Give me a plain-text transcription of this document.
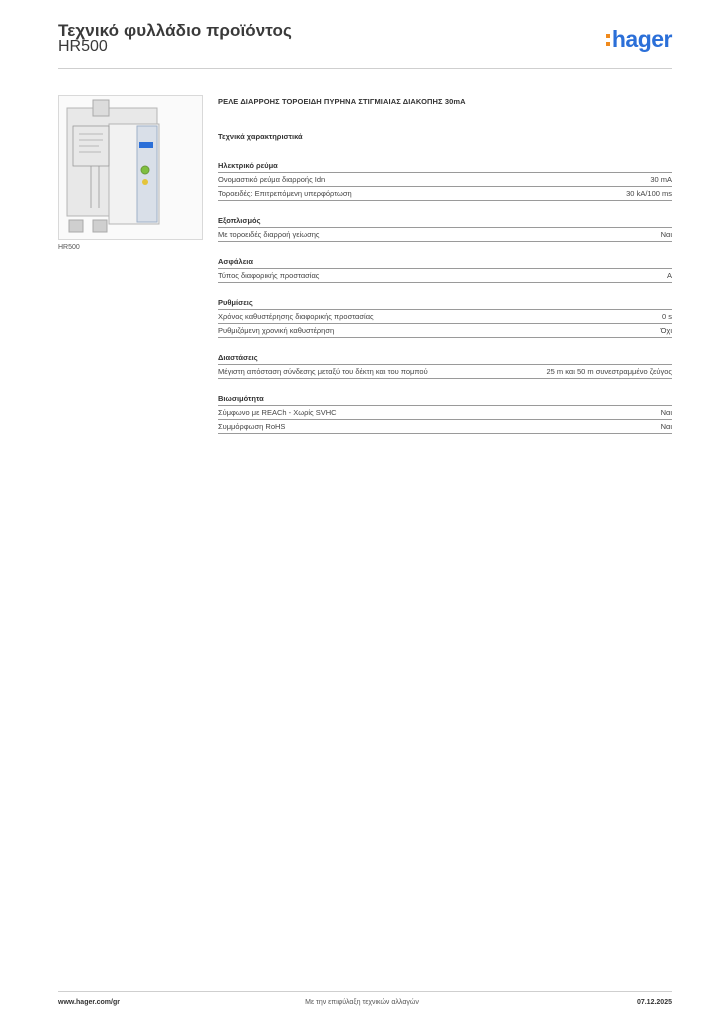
Τεχνικό φυλλάδιο προϊόντος
HR500	hager
HR500
ΡΕΛΕ ΔΙΑΡΡΟΗΣ ΤΟΡΟΕΙΔΗ ΠΥΡΗΝΑ ΣΤΙΓΜΙΑΙΑΣ ΔΙΑΚΟΠΗΣ 30mA
Τεχνικά χαρακτηριστικά
Ηλεκτρικό ρεύμα
Ονομαστικό ρεύμα διαρροής Idn	30 mA
Τοροειδές: Επιτρεπόμενη υπερφόρτωση	30 kA/100 ms
Εξοπλισμός
Με τοροειδές διαρροή γείωσης	Ναι
Ασφάλεια
Τύπος διαφορικής προστασίας	A
Ρυθμίσεις
Χρόνος καθυστέρησης διαφορικής προστασίας	0 s
Ρυθμιζόμενη χρονική καθυστέρηση	Όχι
Διαστάσεις
Μέγιστη απόσταση σύνδεσης μεταξύ του δέκτη και του πομπού	25 m και 50 m συνεστραμμένο ζεύγος
Βιωσιμότητα
Σύμφωνο με REACh - Χωρίς SVHC	Ναι
Συμμόρφωση RoHS	Ναι
www.hager.com/gr	Με την επιφύλαξη τεχνικών αλλαγών	07.12.2025
